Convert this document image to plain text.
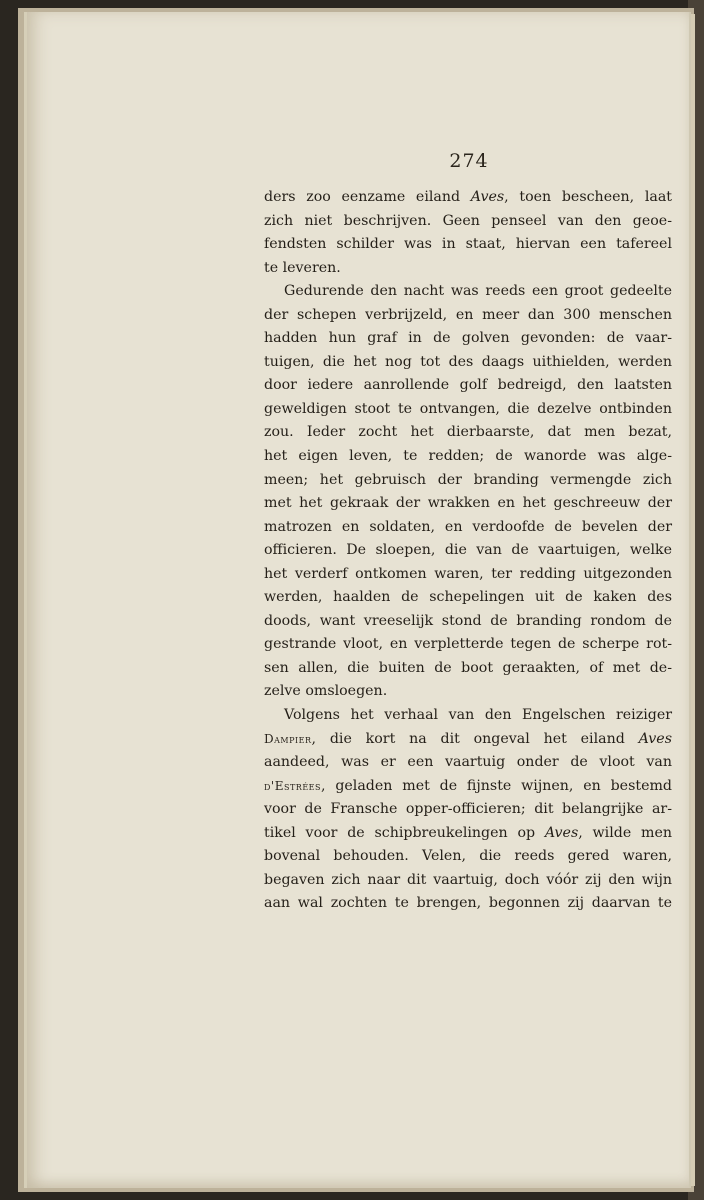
274
ders zoo eenzame eiland Aves, toen bescheen, laat
zich niet beschrijven. Geen penseel van den geoe-
fendsten schilder was in staat, hiervan een tafereel
te leveren.
Gedurende den nacht was reeds een groot gedeelte
der schepen verbrijzeld, en meer dan 300 menschen
hadden hun graf in de golven gevonden: de vaar-
tuigen, die het nog tot des daags uithielden, werden
door iedere aanrollende golf bedreigd, den laatsten
geweldigen stoot te ontvangen, die dezelve ontbinden
zou. Ieder zocht het dierbaarste, dat men bezat,
het eigen leven, te redden; de wanorde was alge-
meen; het gebruisch der branding vermengde zich
met het gekraak der wrakken en het geschreeuw der
matrozen en soldaten, en verdoofde de bevelen der
officieren. De sloepen, die van de vaartuigen, welke
het verderf ontkomen waren, ter redding uitgezonden
werden, haalden de schepelingen uit de kaken des
doods, want vreeselijk stond de branding rondom de
gestrande vloot, en verpletterde tegen de scherpe rot-
sen allen, die buiten de boot geraakten, of met de-
zelve omsloegen.
Volgens het verhaal van den Engelschen reiziger
Dampier, die kort na dit ongeval het eiland Aves
aandeed, was er een vaartuig onder de vloot van
d'Estrées, geladen met de fijnste wijnen, en bestemd
voor de Fransche opper-officieren; dit belangrijke ar-
tikel voor de schipbreukelingen op Aves, wilde men
bovenal behouden. Velen, die reeds gered waren,
begaven zich naar dit vaartuig, doch vóór zij den wijn
aan wal zochten te brengen, begonnen zij daarvan te
